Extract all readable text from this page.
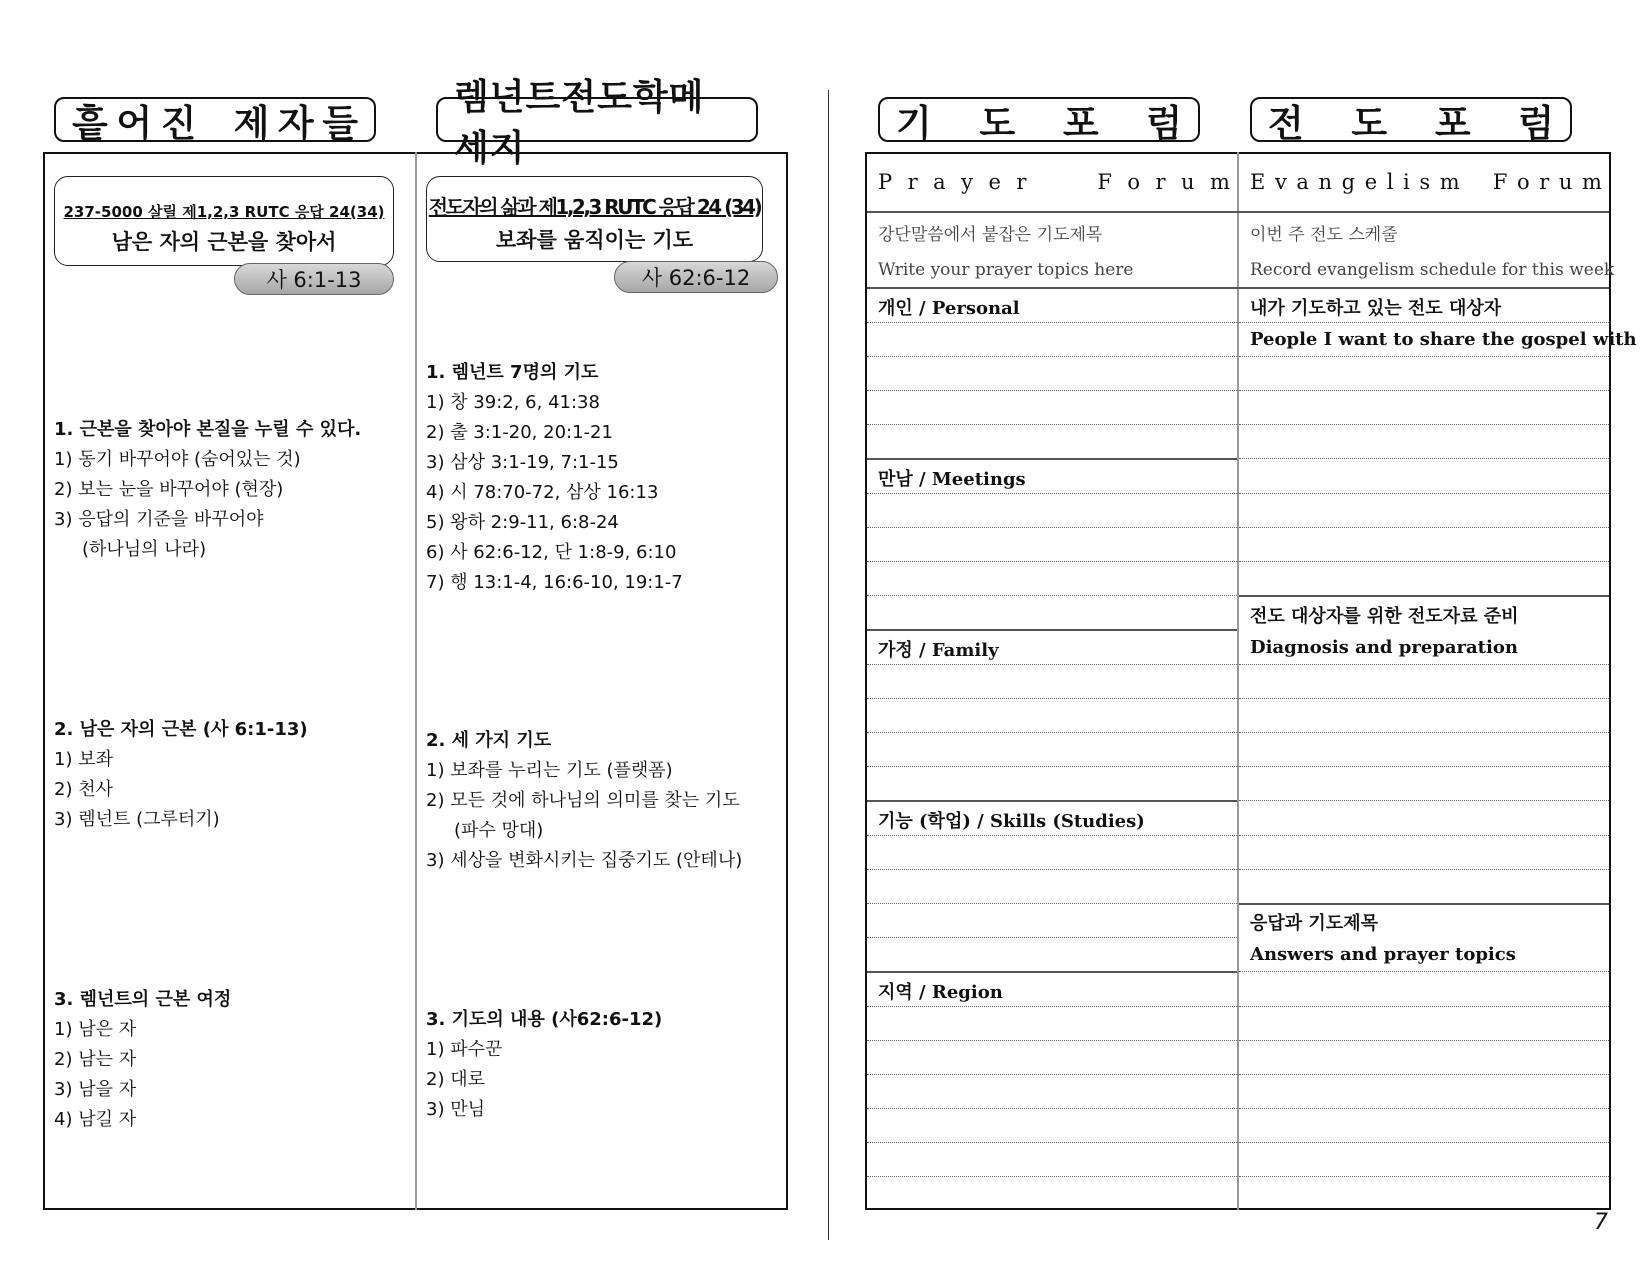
흩 어 진 제 자 들
렘넌트전도학메세지
기 도 포 럼 전 도 포 럼
237-5000 살릴 제1,2,3 RUTC 응답 24(34)
남은 자의 근본을 찾아서
사 6:1-13
1. 근본을 찾아야 본질을 누릴 수 있다.
1) 동기 바꾸어야 (숨어있는 것)
2) 보는 눈을 바꾸어야 (현장)
3) 응답의 기준을 바꾸어야
(하나님의 나라)
2. 남은 자의 근본 (사 6:1-13)
1) 보좌
2) 천사
3) 렘넌트 (그루터기)
3. 렘넌트의 근본 여정
1) 남은 자
2) 남는 자
3) 남을 자
4) 남길 자
전도자의 삶과 제1,2,3 RUTC 응답 24 (34)
보좌를 움직이는 기도
사 62:6-12
1. 렘넌트 7명의 기도
1) 창 39:2, 6, 41:38
2) 출 3:1-20, 20:1-21
3) 삼상 3:1-19, 7:1-15
4) 시 78:70-72, 삼상 16:13
5) 왕하 2:9-11, 6:8-24
6) 사 62:6-12, 단 1:8-9, 6:10
7) 행 13:1-4, 16:6-10, 19:1-7
2. 세 가지 기도
1) 보좌를 누리는 기도 (플랫폼)
2) 모든 것에 하나님의 의미를 찾는 기도
(파수 망대)
3) 세상을 변화시키는 집중기도 (안테나)
3. 기도의 내용 (사62:6-12)
1) 파수꾼
2) 대로
3) 만님
P r a y e r	F o r u m E v a n g e l i s m F o r u m
강단말씀에서 붙잡은 기도제목
Write your prayer topics here
이번 주 전도 스케줄
Record evangelism schedule for this week
개인 / Personal
만남 / Meetings
가정 / Family
기능 (학업) / Skills (Studies)
지역 / Region
내가 기도하고 있는 전도 대상자
People I want to share the gospel with
전도 대상자를 위한 전도자료 준비
Diagnosis and preparation
응답과 기도제목
Answers and prayer topics
7
